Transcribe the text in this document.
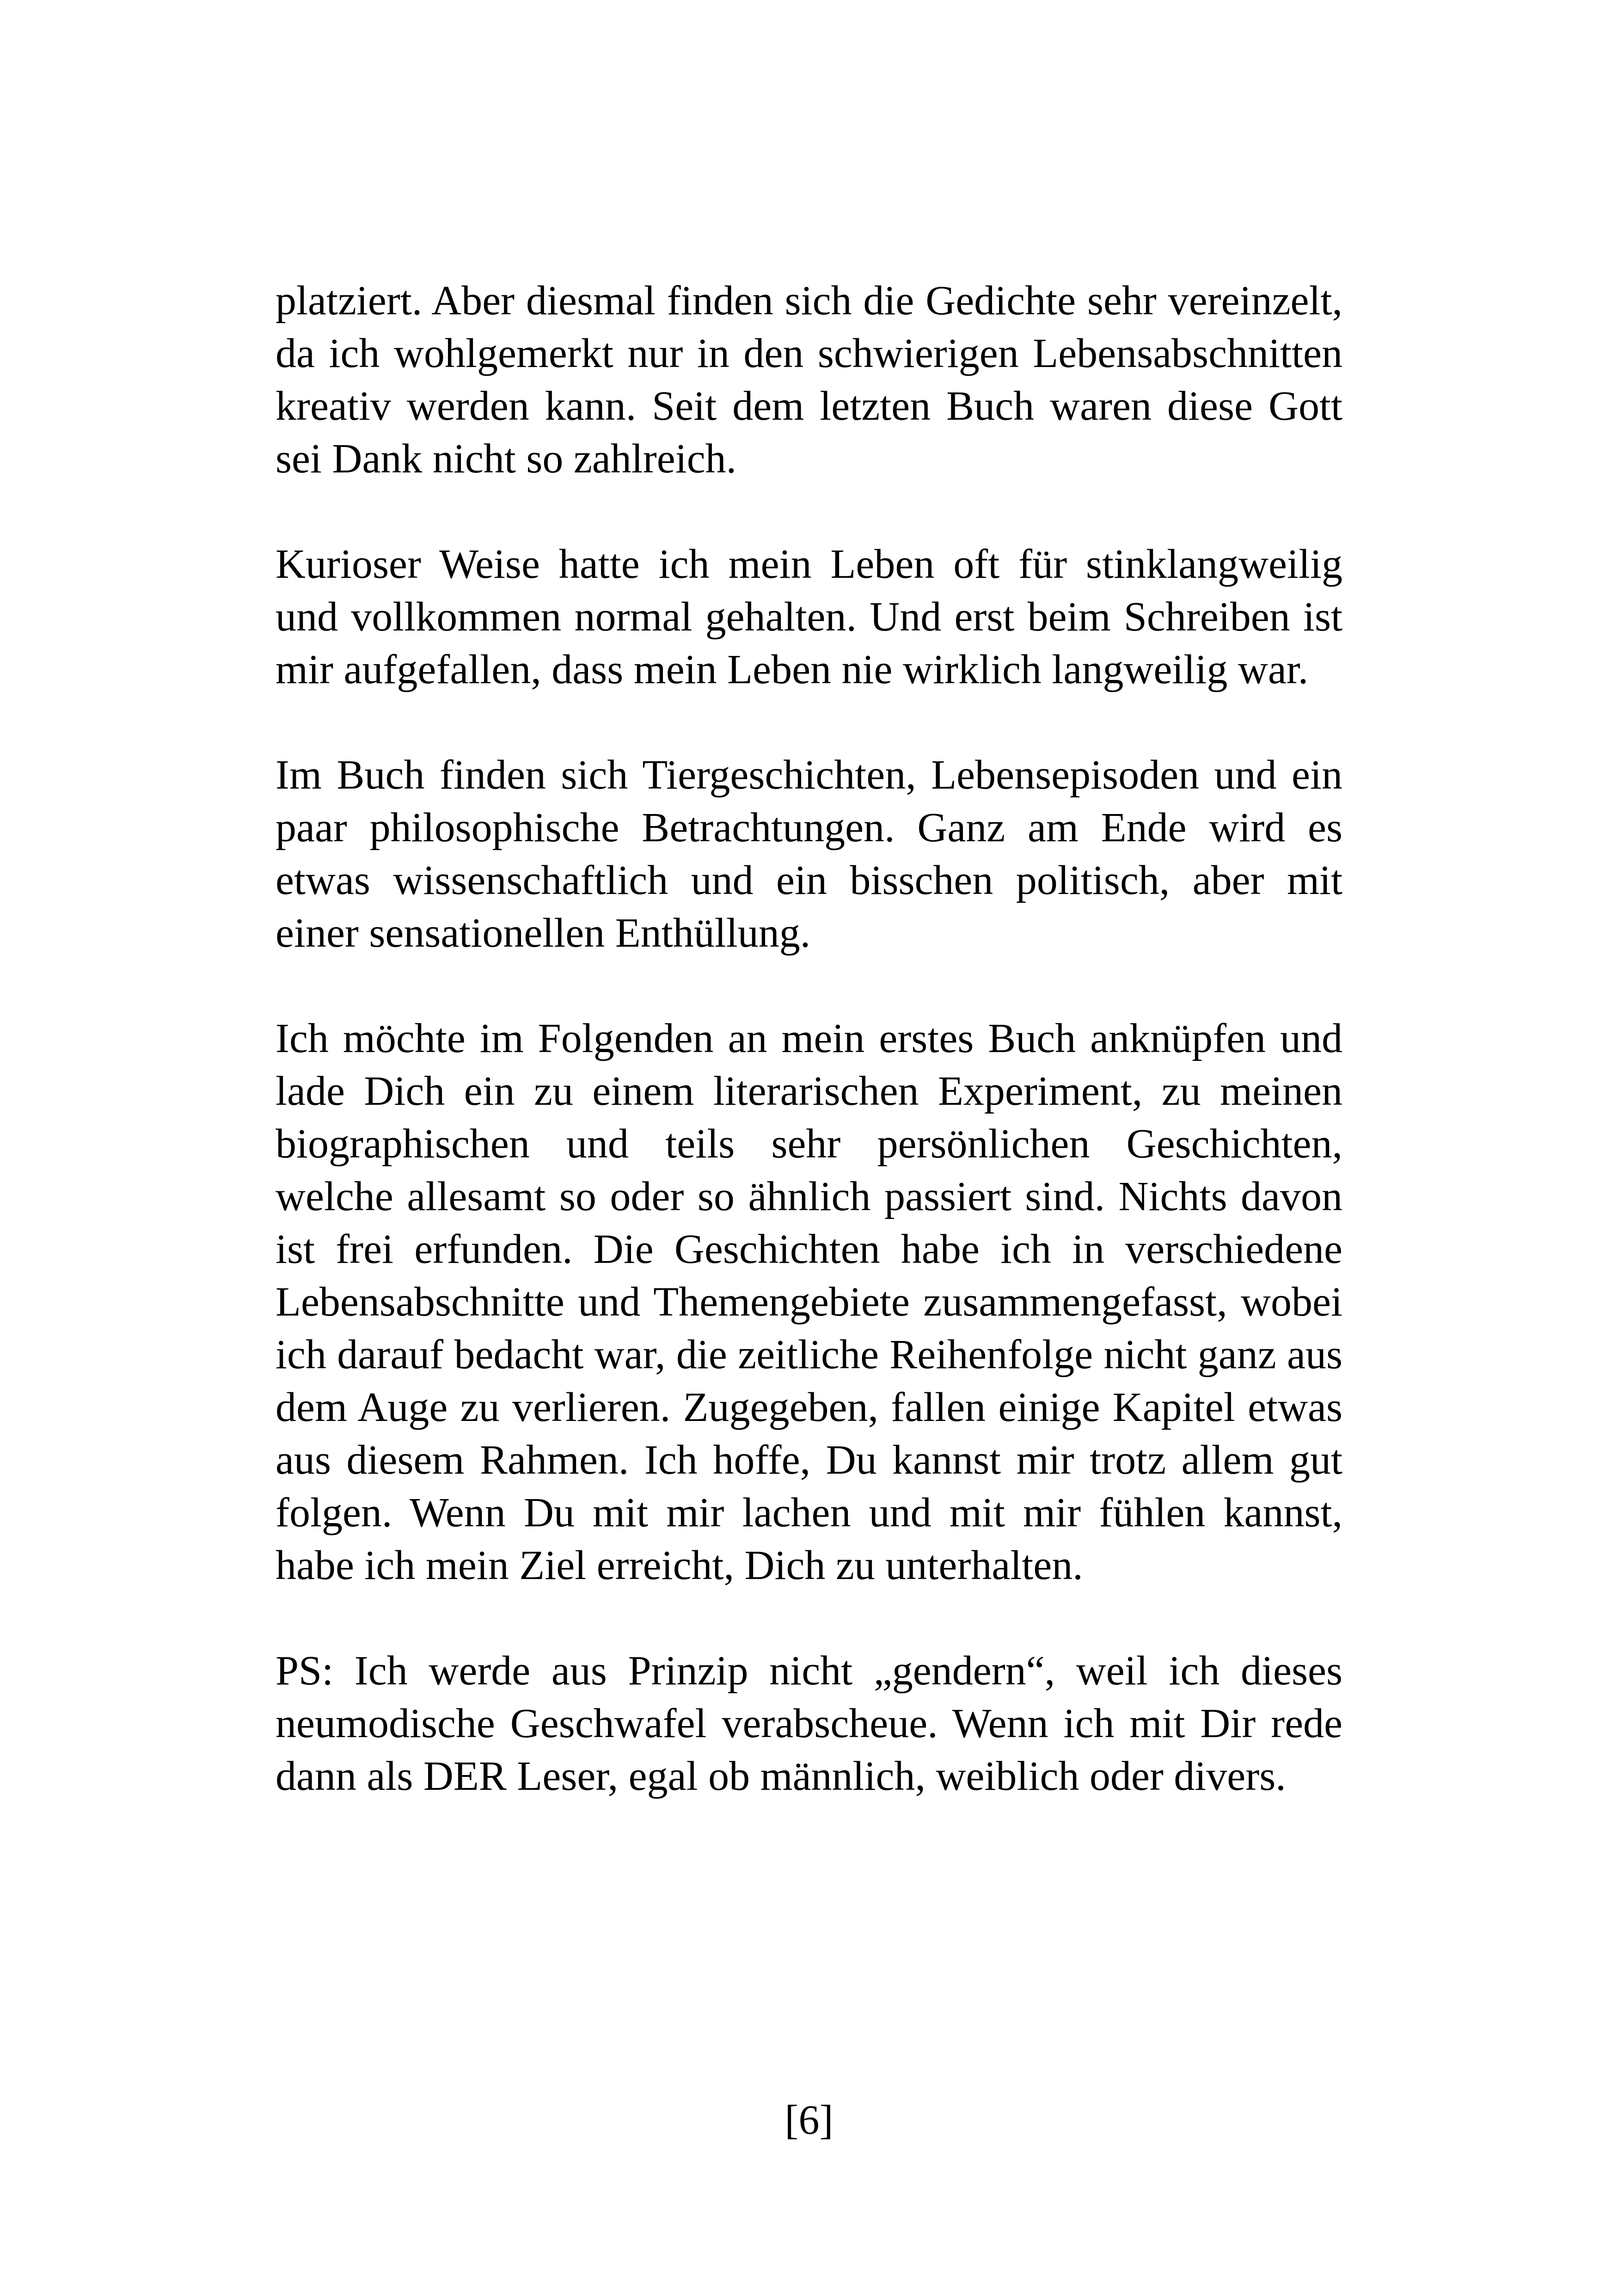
platziert. Aber diesmal finden sich die Gedichte sehr vereinzelt,
da ich wohlgemerkt nur in den schwierigen Lebensabschnitten
kreativ werden kann. Seit dem letzten Buch waren diese Gott
sei Dank nicht so zahlreich.
Kurioser Weise hatte ich mein Leben oft für stinklangweilig
und vollkommen normal gehalten. Und erst beim Schreiben ist
mir aufgefallen, dass mein Leben nie wirklich langweilig war.
Im Buch finden sich Tiergeschichten, Lebensepisoden und ein
paar philosophische Betrachtungen. Ganz am Ende wird es
etwas wissenschaftlich und ein bisschen politisch, aber mit
einer sensationellen Enthüllung.
Ich möchte im Folgenden an mein erstes Buch anknüpfen und
lade Dich ein zu einem literarischen Experiment, zu meinen
biographischen und teils sehr persönlichen Geschichten,
welche allesamt so oder so ähnlich passiert sind. Nichts davon
ist frei erfunden. Die Geschichten habe ich in verschiedene
Lebensabschnitte und Themengebiete zusammengefasst, wobei
ich darauf bedacht war, die zeitliche Reihenfolge nicht ganz aus
dem Auge zu verlieren. Zugegeben, fallen einige Kapitel etwas
aus diesem Rahmen. Ich hoffe, Du kannst mir trotz allem gut
folgen. Wenn Du mit mir lachen und mit mir fühlen kannst,
habe ich mein Ziel erreicht, Dich zu unterhalten.
PS: Ich werde aus Prinzip nicht „gendern“, weil ich dieses
neumodische Geschwafel verabscheue. Wenn ich mit Dir rede
dann als DER Leser, egal ob männlich, weiblich oder divers.
[6]
